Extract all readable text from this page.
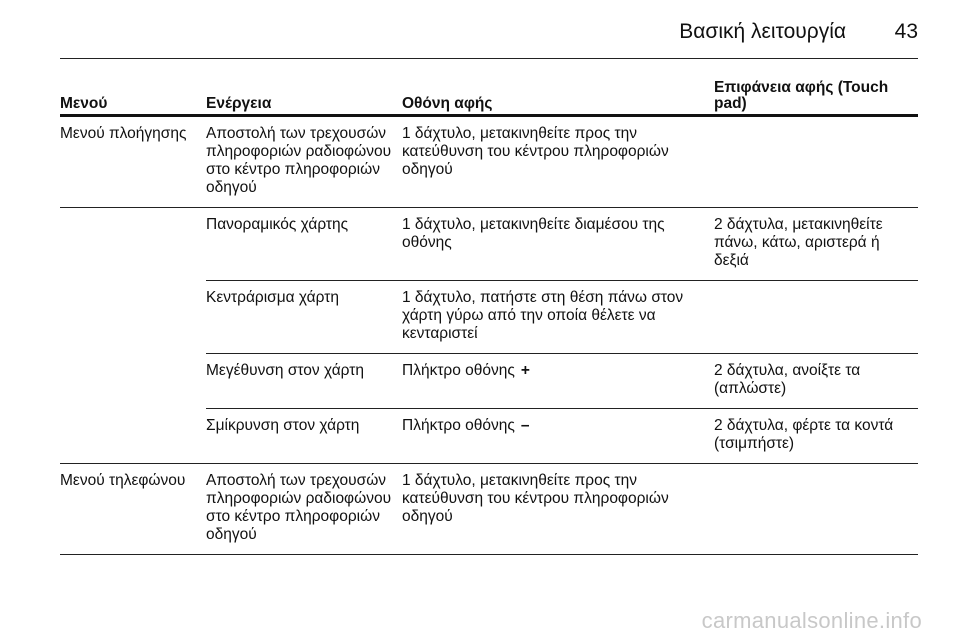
Βασική λειτουργία 43
Μενού	Ενέργεια	Οθόνη αφής	Επιφάνεια αφής (Touch pad)
Μενού πλοήγησης	Αποστολή των τρεχουσών πληροφοριών ραδιοφώνου στο κέντρο πληροφοριών οδηγού	1 δάχτυλο, μετακινηθείτε προς την κατεύθυνση του κέντρου πληροφοριών οδηγού	
	Πανοραμικός χάρτης	1 δάχτυλο, μετακινηθείτε διαμέσου της οθόνης	2 δάχτυλα, μετακινηθείτε πάνω, κάτω, αριστερά ή δεξιά
	Κεντράρισμα χάρτη	1 δάχτυλο, πατήστε στη θέση πάνω στον χάρτη γύρω από την οποία θέλετε να κενταριστεί	
	Μεγέθυνση στον χάρτη	Πλήκτρο οθόνης +	2 δάχτυλα, ανοίξτε τα (απλώστε)
	Σμίκρυνση στον χάρτη	Πλήκτρο οθόνης –	2 δάχτυλα, φέρτε τα κοντά (τσιμπήστε)
Μενού τηλεφώνου	Αποστολή των τρεχουσών πληροφοριών ραδιοφώνου στο κέντρο πληροφοριών οδηγού	1 δάχτυλο, μετακινηθείτε προς την κατεύθυνση του κέντρου πληροφοριών οδηγού	
carmanualsonline.info
